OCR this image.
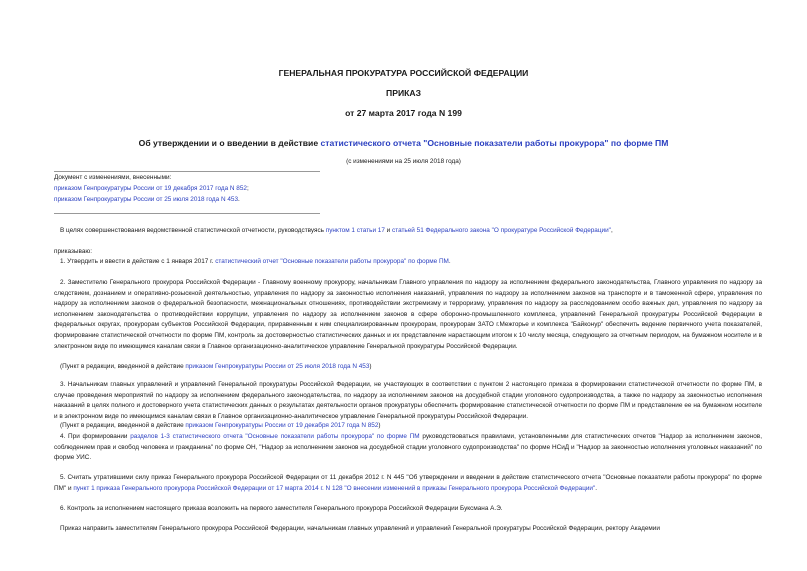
ГЕНЕРАЛЬНАЯ ПРОКУРАТУРА РОССИЙСКОЙ ФЕДЕРАЦИИ
ПРИКАЗ
от 27 марта 2017 года N 199
Об утверждении и о введении в действие статистического отчета "Основные показатели работы прокурора" по форме ПМ
(с изменениями на 25 июля 2018 года)
Документ с изменениями, внесенными:
приказом Генпрокуратуры России от 19 декабря 2017 года N 852;
приказом Генпрокуратуры России от 25 июля 2018 года N 453.
В целях совершенствования ведомственной статистической отчетности, руководствуясь пунктом 1 статьи 17 и статьей 51 Федерального закона "О прокуратуре Российской Федерации",
приказываю:
1. Утвердить и ввести в действие с 1 января 2017 г. статистический отчет "Основные показатели работы прокурора" по форме ПМ.

2. Заместителю Генерального прокурора Российской Федерации - Главному военному прокурору, начальникам Главного управления по надзору за исполнением федерального законодательства, Главного управления по надзору за следствием, дознанием и оперативно-розыскной деятельностью, управления по надзору за законностью исполнения наказаний, управления по надзору за исполнением законов на транспорте и в таможенной сфере, управления по надзору за исполнением законов о федеральной безопасности, межнациональных отношениях, противодействии экстремизму и терроризму, управления по надзору за расследованием особо важных дел, управления по надзору за исполнением законодательства о противодействии коррупции, управления по надзору за исполнением законов в сфере оборонно-промышленного комплекса, управлений Генеральной прокуратуры Российской Федерации в федеральных округах, прокурорам субъектов Российской Федерации, приравненным к ним специализированным прокурорам, прокурорам ЗАТО г.Межгорье и комплекса "Байконур" обеспечить ведение первичного учета показателей, формирование статистической отчетности по форме ПМ, контроль за достоверностью статистических данных и их представление нарастающим итогом к 10 числу месяца, следующего за отчетным периодом, на бумажном носителе и в электронном виде по имеющимся каналам связи в Главное организационно-аналитическое управление Генеральной прокуратуры Российской Федерации.

(Пункт в редакции, введенной в действие приказом Генпрокуратуры России от 25 июля 2018 года N 453)

3. Начальникам главных управлений и управлений Генеральной прокуратуры Российской Федерации, не участвующих в соответствии с пунктом 2 настоящего приказа в формировании статистической отчетности по форме ПМ, в случае проведения мероприятий по надзору за исполнением федерального законодательства, по надзору за исполнением законов на досудебной стадии уголовного судопроизводства, а также по надзору за законностью исполнения наказаний в целях полного и достоверного учета статистических данных о результатах деятельности органов прокуратуры обеспечить формирование статистической отчетности по форме ПМ и представление ее на бумажном носителе и в электронном виде по имеющимся каналам связи в Главное организационно-аналитическое управление Генеральной прокуратуры Российской Федерации.

(Пункт в редакции, введенной в действие приказом Генпрокуратуры России от 19 декабря 2017 года N 852)

4. При формировании разделов 1-3 статистического отчета "Основные показатели работы прокурора" по форме ПМ руководствоваться правилами, установленными для статистических отчетов "Надзор за исполнением законов, соблюдением прав и свобод человека и гражданина" по форме ОН, "Надзор за исполнением законов на досудебной стадии уголовного судопроизводства" по форме НСиД и "Надзор за законностью исполнения уголовных наказаний" по форме УИС.

5. Считать утратившими силу приказ Генерального прокурора Российской Федерации от 11 декабря 2012 г. N 445 "Об утверждении и введении в действие статистического отчета "Основные показатели работы прокурора" по форме ПМ" и пункт 1 приказа Генерального прокурора Российской Федерации от 17 марта 2014 г. N 128 "О внесении изменений в приказы Генерального прокурора Российской Федерации".

6. Контроль за исполнением настоящего приказа возложить на первого заместителя Генерального прокурора Российской Федерации Буксмана А.Э.

Приказ направить заместителям Генерального прокурора Российской Федерации, начальникам главных управлений и управлений Генеральной прокуратуры Российской Федерации, ректору Академии
